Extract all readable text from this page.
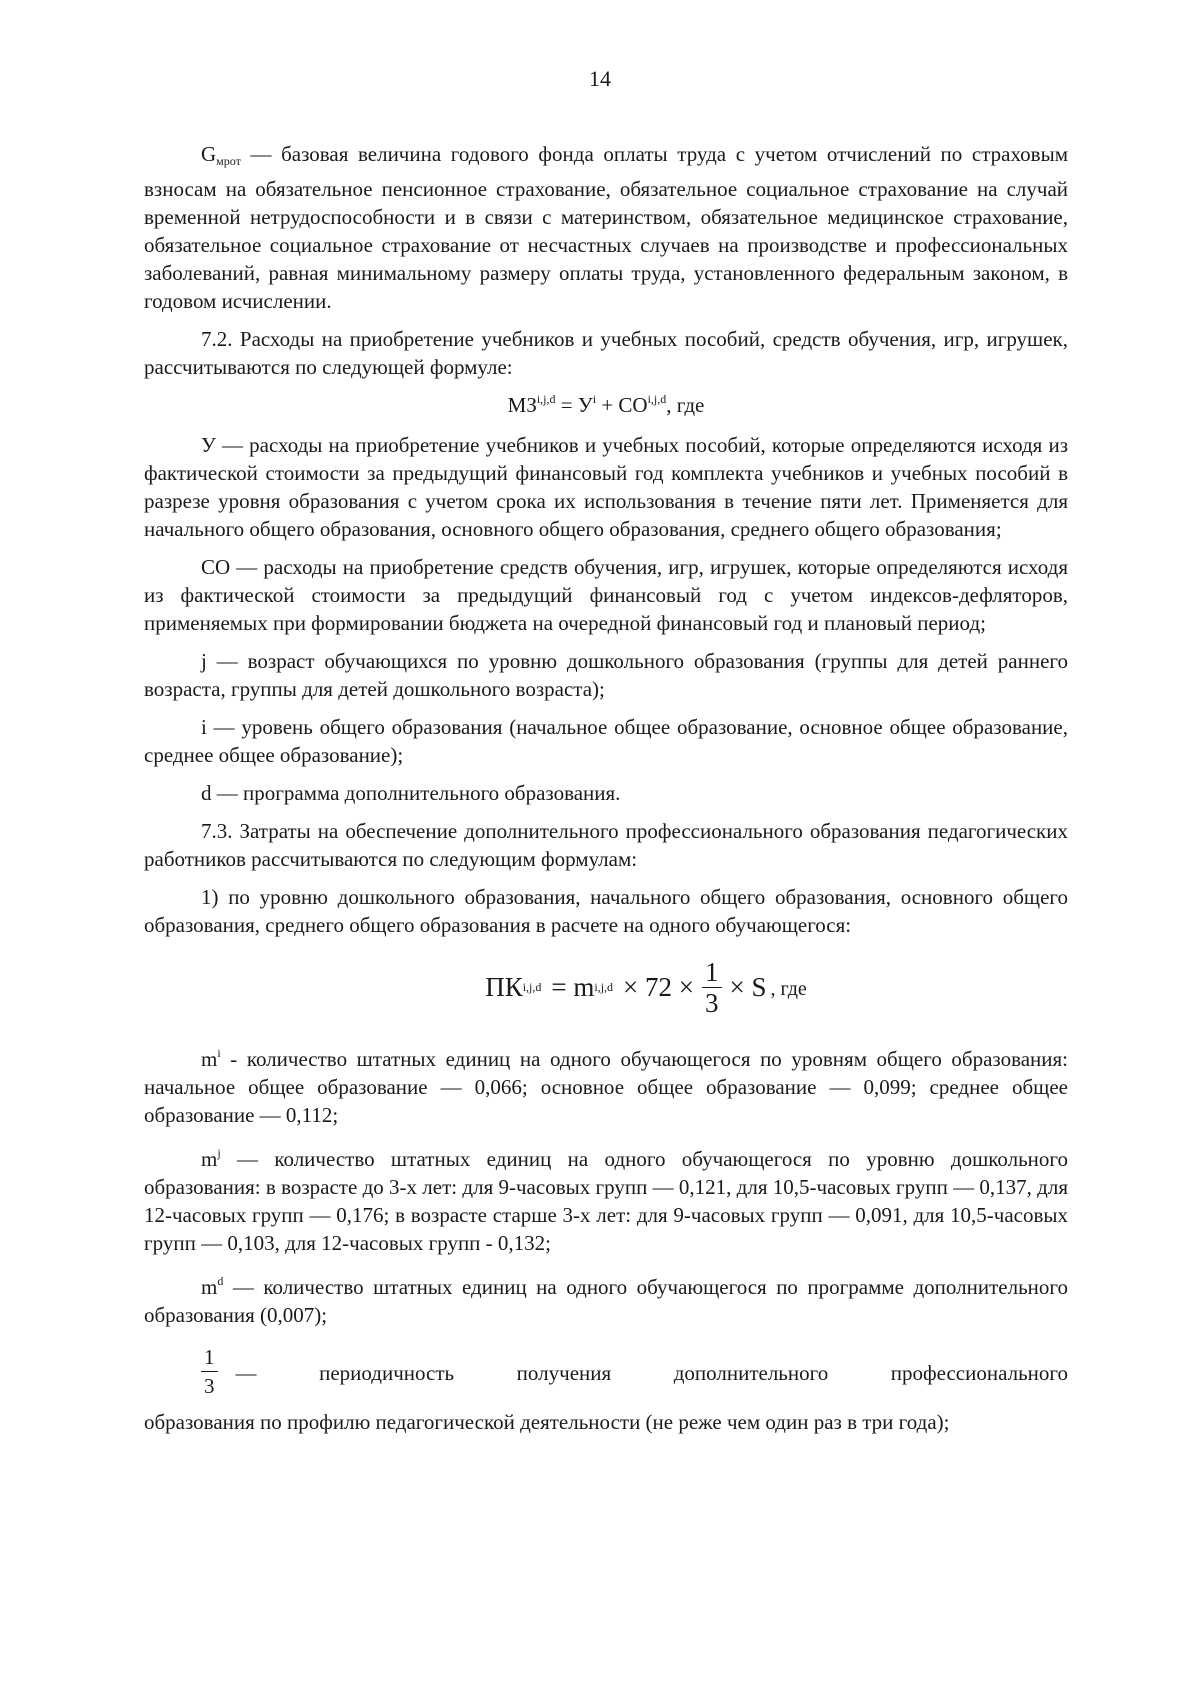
14

$G_{мрот}$ — базовая величина годового фонда оплаты труда с учетом отчислений по страховым взносам на обязательное пенсионное страхование, обязательное социальное страхование на случай временной нетрудоспособности и в связи с материнством, обязательное медицинское страхование, обязательное социальное страхование от несчастных случаев на производстве и профессиональных заболеваний, равная минимальному размеру оплаты труда, установленного федеральным законом, в годовом исчислении.

7.2. Расходы на приобретение учебников и учебных пособий, средств обучения, игр, игрушек, рассчитываются по следующей формуле:

$МЗ^{i,j,d} = У^i + СО^{i,j,d}$, где

У — расходы на приобретение учебников и учебных пособий, которые определяются исходя из фактической стоимости за предыдущий финансовый год комплекта учебников и учебных пособий в разрезе уровня образования с учетом срока их использования в течение пяти лет. Применяется для начального общего образования, основного общего образования, среднего общего образования;

СО — расходы на приобретение средств обучения, игр, игрушек, которые определяются исходя из фактической стоимости за предыдущий финансовый год с учетом индексов-дефляторов, применяемых при формировании бюджета на очередной финансовый год и плановый период;

j — возраст обучающихся по уровню дошкольного образования (группы для детей раннего возраста, группы для детей дошкольного возраста);

i — уровень общего образования (начальное общее образование, основное общее образование, среднее общее образование);

d — программа дополнительного образования.

7.3. Затраты на обеспечение дополнительного профессионального образования педагогических работников рассчитываются по следующим формулам:

1) по уровню дошкольного образования, начального общего образования, основного общего образования, среднего общего образования в расчете на одного обучающегося:

ПК i,j,d = m $i,j,d \times 72 \times \frac{1}{3} \times S$ , где

$m^i$ - количество штатных единиц на одного обучающегося по уровням общего образования: начальное общее образование — 0,066; основное общее образование — 0,099; среднее общее образование — 0,112;

$m^j$ — количество штатных единиц на одного обучающегося по уровню дошкольного образования: в возрасте до 3-х лет: для 9-часовых групп — 0,121, для 10,5-часовых групп — 0,137, для 12-часовых групп — 0,176; в возрасте старше 3-х лет: для 9-часовых групп — 0,091, для 10,5-часовых групп — 0,103, для 12-часовых групп - 0,132;

$m^d$ — количество штатных единиц на одного обучающегося по программе дополнительного образования (0,007);

$\frac{1}{3}$ — периодичность получения дополнительного профессионального

образования по профилю педагогической деятельности (не реже чем один раз в три года);
